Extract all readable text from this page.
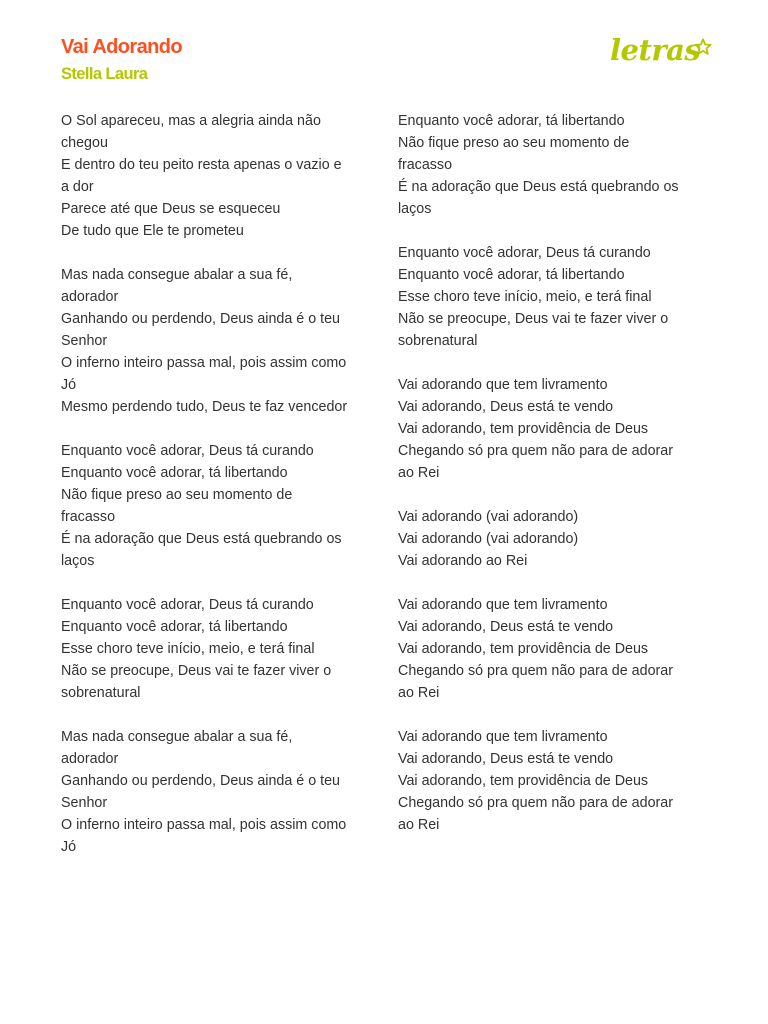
Vai Adorando
Stella Laura
letras
O Sol apareceu, mas a alegria ainda não
chegou
E dentro do teu peito resta apenas o vazio e
a dor
Parece até que Deus se esqueceu
De tudo que Ele te prometeu
Mas nada consegue abalar a sua fé,
adorador
Ganhando ou perdendo, Deus ainda é o teu
Senhor
O inferno inteiro passa mal, pois assim como
Jó
Mesmo perdendo tudo, Deus te faz vencedor
Enquanto você adorar, Deus tá curando
Enquanto você adorar, tá libertando
Não fique preso ao seu momento de
fracasso
É na adoração que Deus está quebrando os
laços
Enquanto você adorar, Deus tá curando
Enquanto você adorar, tá libertando
Esse choro teve início, meio, e terá final
Não se preocupe, Deus vai te fazer viver o
sobrenatural
Mas nada consegue abalar a sua fé,
adorador
Ganhando ou perdendo, Deus ainda é o teu
Senhor
O inferno inteiro passa mal, pois assim como
Jó
Enquanto você adorar, tá libertando
Não fique preso ao seu momento de
fracasso
É na adoração que Deus está quebrando os
laços
Enquanto você adorar, Deus tá curando
Enquanto você adorar, tá libertando
Esse choro teve início, meio, e terá final
Não se preocupe, Deus vai te fazer viver o
sobrenatural
Vai adorando que tem livramento
Vai adorando, Deus está te vendo
Vai adorando, tem providência de Deus
Chegando só pra quem não para de adorar
ao Rei
Vai adorando (vai adorando)
Vai adorando (vai adorando)
Vai adorando ao Rei
Vai adorando que tem livramento
Vai adorando, Deus está te vendo
Vai adorando, tem providência de Deus
Chegando só pra quem não para de adorar
ao Rei
Vai adorando que tem livramento
Vai adorando, Deus está te vendo
Vai adorando, tem providência de Deus
Chegando só pra quem não para de adorar
ao Rei
